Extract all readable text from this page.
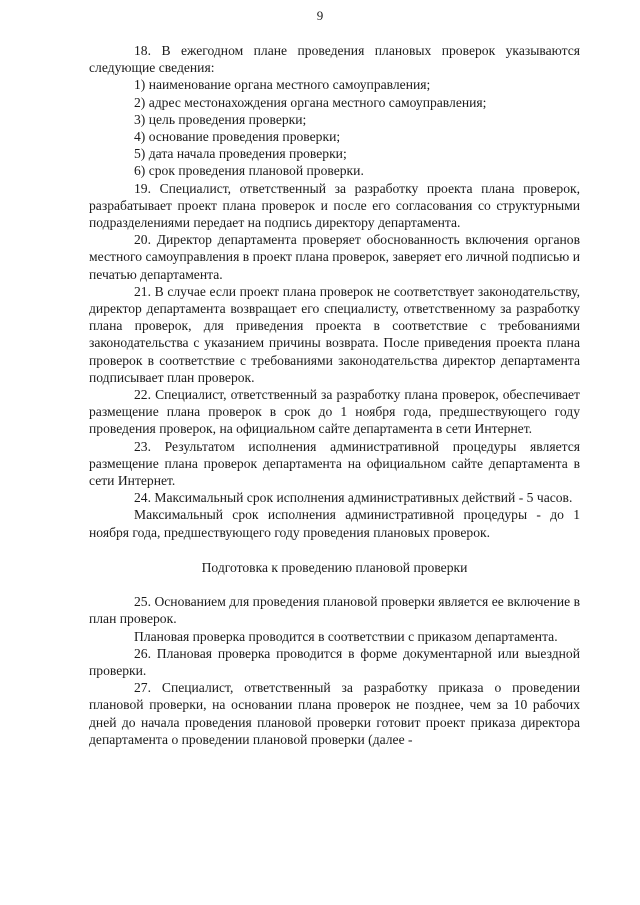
9

18. В ежегодном плане проведения плановых проверок указываются следующие сведения:

1) наименование органа местного самоуправления;

2) адрес местонахождения органа местного самоуправления;

3) цель проведения проверки;

4) основание проведения проверки;

5) дата начала проведения проверки;

6) срок проведения плановой проверки.

19. Специалист, ответственный за разработку проекта плана проверок, разрабатывает проект плана проверок и после его согласования со структурными подразделениями передает на подпись директору департамента.

20. Директор департамента проверяет обоснованность включения органов местного самоуправления в проект плана проверок, заверяет его личной подписью и печатью департамента.

21. В случае если проект плана проверок не соответствует законодательству, директор департамента возвращает его специалисту, ответственному за разработку плана проверок, для приведения проекта в соответствие с требованиями законодательства с указанием причины возврата. После приведения проекта плана проверок в соответствие с требованиями законодательства директор департамента подписывает план проверок.

22. Специалист, ответственный за разработку плана проверок, обеспечивает размещение плана проверок в срок до 1 ноября года, предшествующего году проведения проверок, на официальном сайте департамента в сети Интернет.

23. Результатом исполнения административной процедуры является размещение плана проверок департамента на официальном сайте департамента в сети Интернет.

24. Максимальный срок исполнения административных действий - 5 часов.

Максимальный срок исполнения административной процедуры - до 1 ноября года, предшествующего году проведения плановых проверок.

Подготовка к проведению плановой проверки

25. Основанием для проведения плановой проверки является ее включение в план проверок.

Плановая проверка проводится в соответствии с приказом департамента.

26. Плановая проверка проводится в форме документарной или выездной проверки.

27. Специалист, ответственный за разработку приказа о проведении плановой проверки, на основании плана проверок не позднее, чем за 10 рабочих дней до начала проведения плановой проверки готовит проект приказа директора департамента о проведении плановой проверки (далее -
